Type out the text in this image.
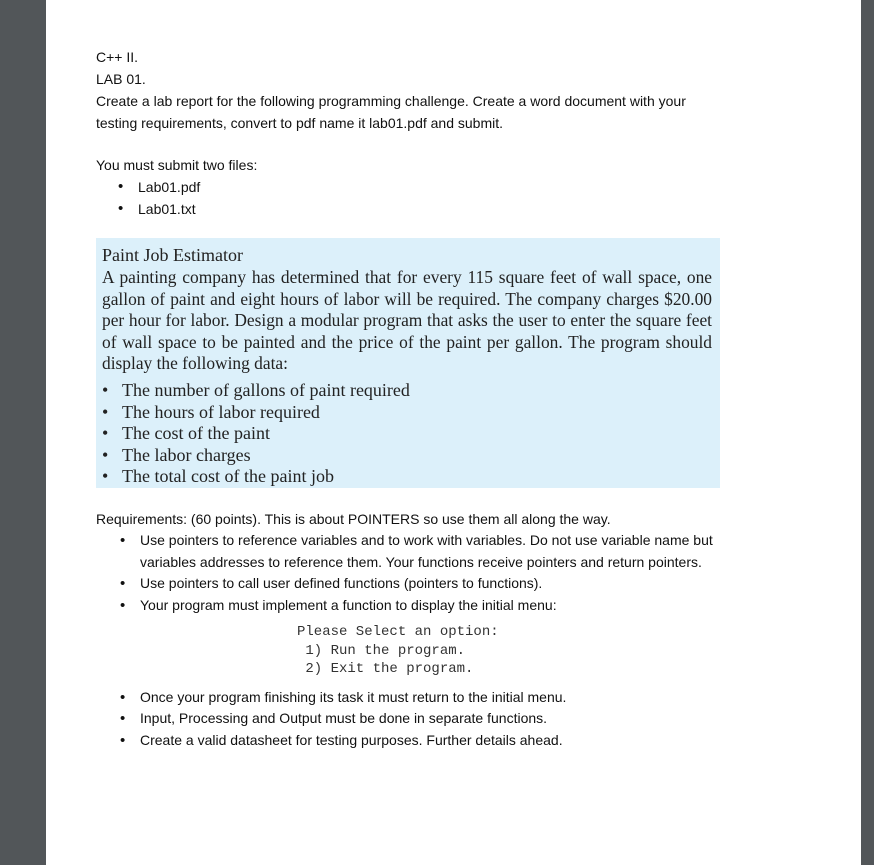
C++ II.

LAB 01.

Create a lab report for the following programming challenge. Create a word document with your testing requirements, convert to pdf name it lab01.pdf and submit.

You must submit two files:

• Lab01.pdf
• Lab01.txt
Paint Job Estimator
A painting company has determined that for every 115 square feet of wall space, one gallon of paint and eight hours of labor will be required. The company charges $20.00 per hour for labor. Design a modular program that asks the user to enter the square feet of wall space to be painted and the price of the paint per gallon. The program should display the following data:
• The number of gallons of paint required
• The hours of labor required
• The cost of the paint
• The labor charges
• The total cost of the paint job

Requirements: (60 points). This is about POINTERS so use them all along the way.

• Use pointers to reference variables and to work with variables. Do not use variable name but variables addresses to reference them. Your functions receive pointers and return pointers.
• Use pointers to call user defined functions (pointers to functions).
• Your program must implement a function to display the initial menu:
Please Select an option:
1) Run the program.
2) Exit the program.
• Once your program finishing its task it must return to the initial menu.
• Input, Processing and Output must be done in separate functions.
• Create a valid datasheet for testing purposes. Further details ahead.
